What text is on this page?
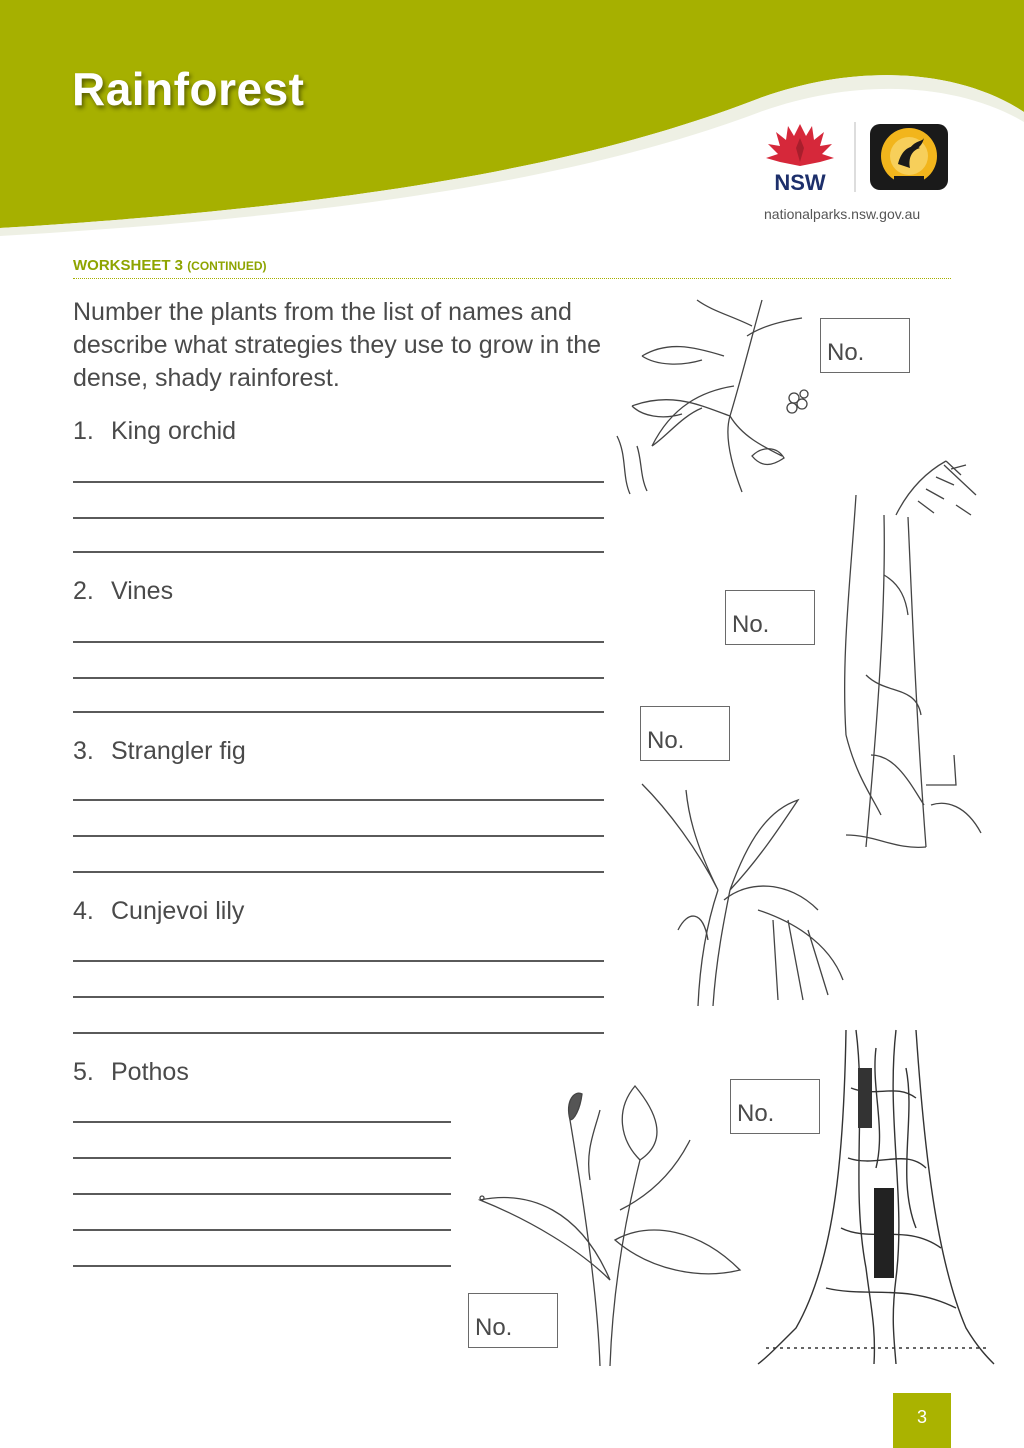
Rainforest
NSW
nationalparks.nsw.gov.au
WORKSHEET 3 (CONTINUED)
Number the plants from the list of names and describe what strategies they use to grow in the dense, shady rainforest.
1. King orchid
2. Vines
3. Strangler fig
4. Cunjevoi lily
5. Pothos
No.
No.
No.
No.
No.
3
